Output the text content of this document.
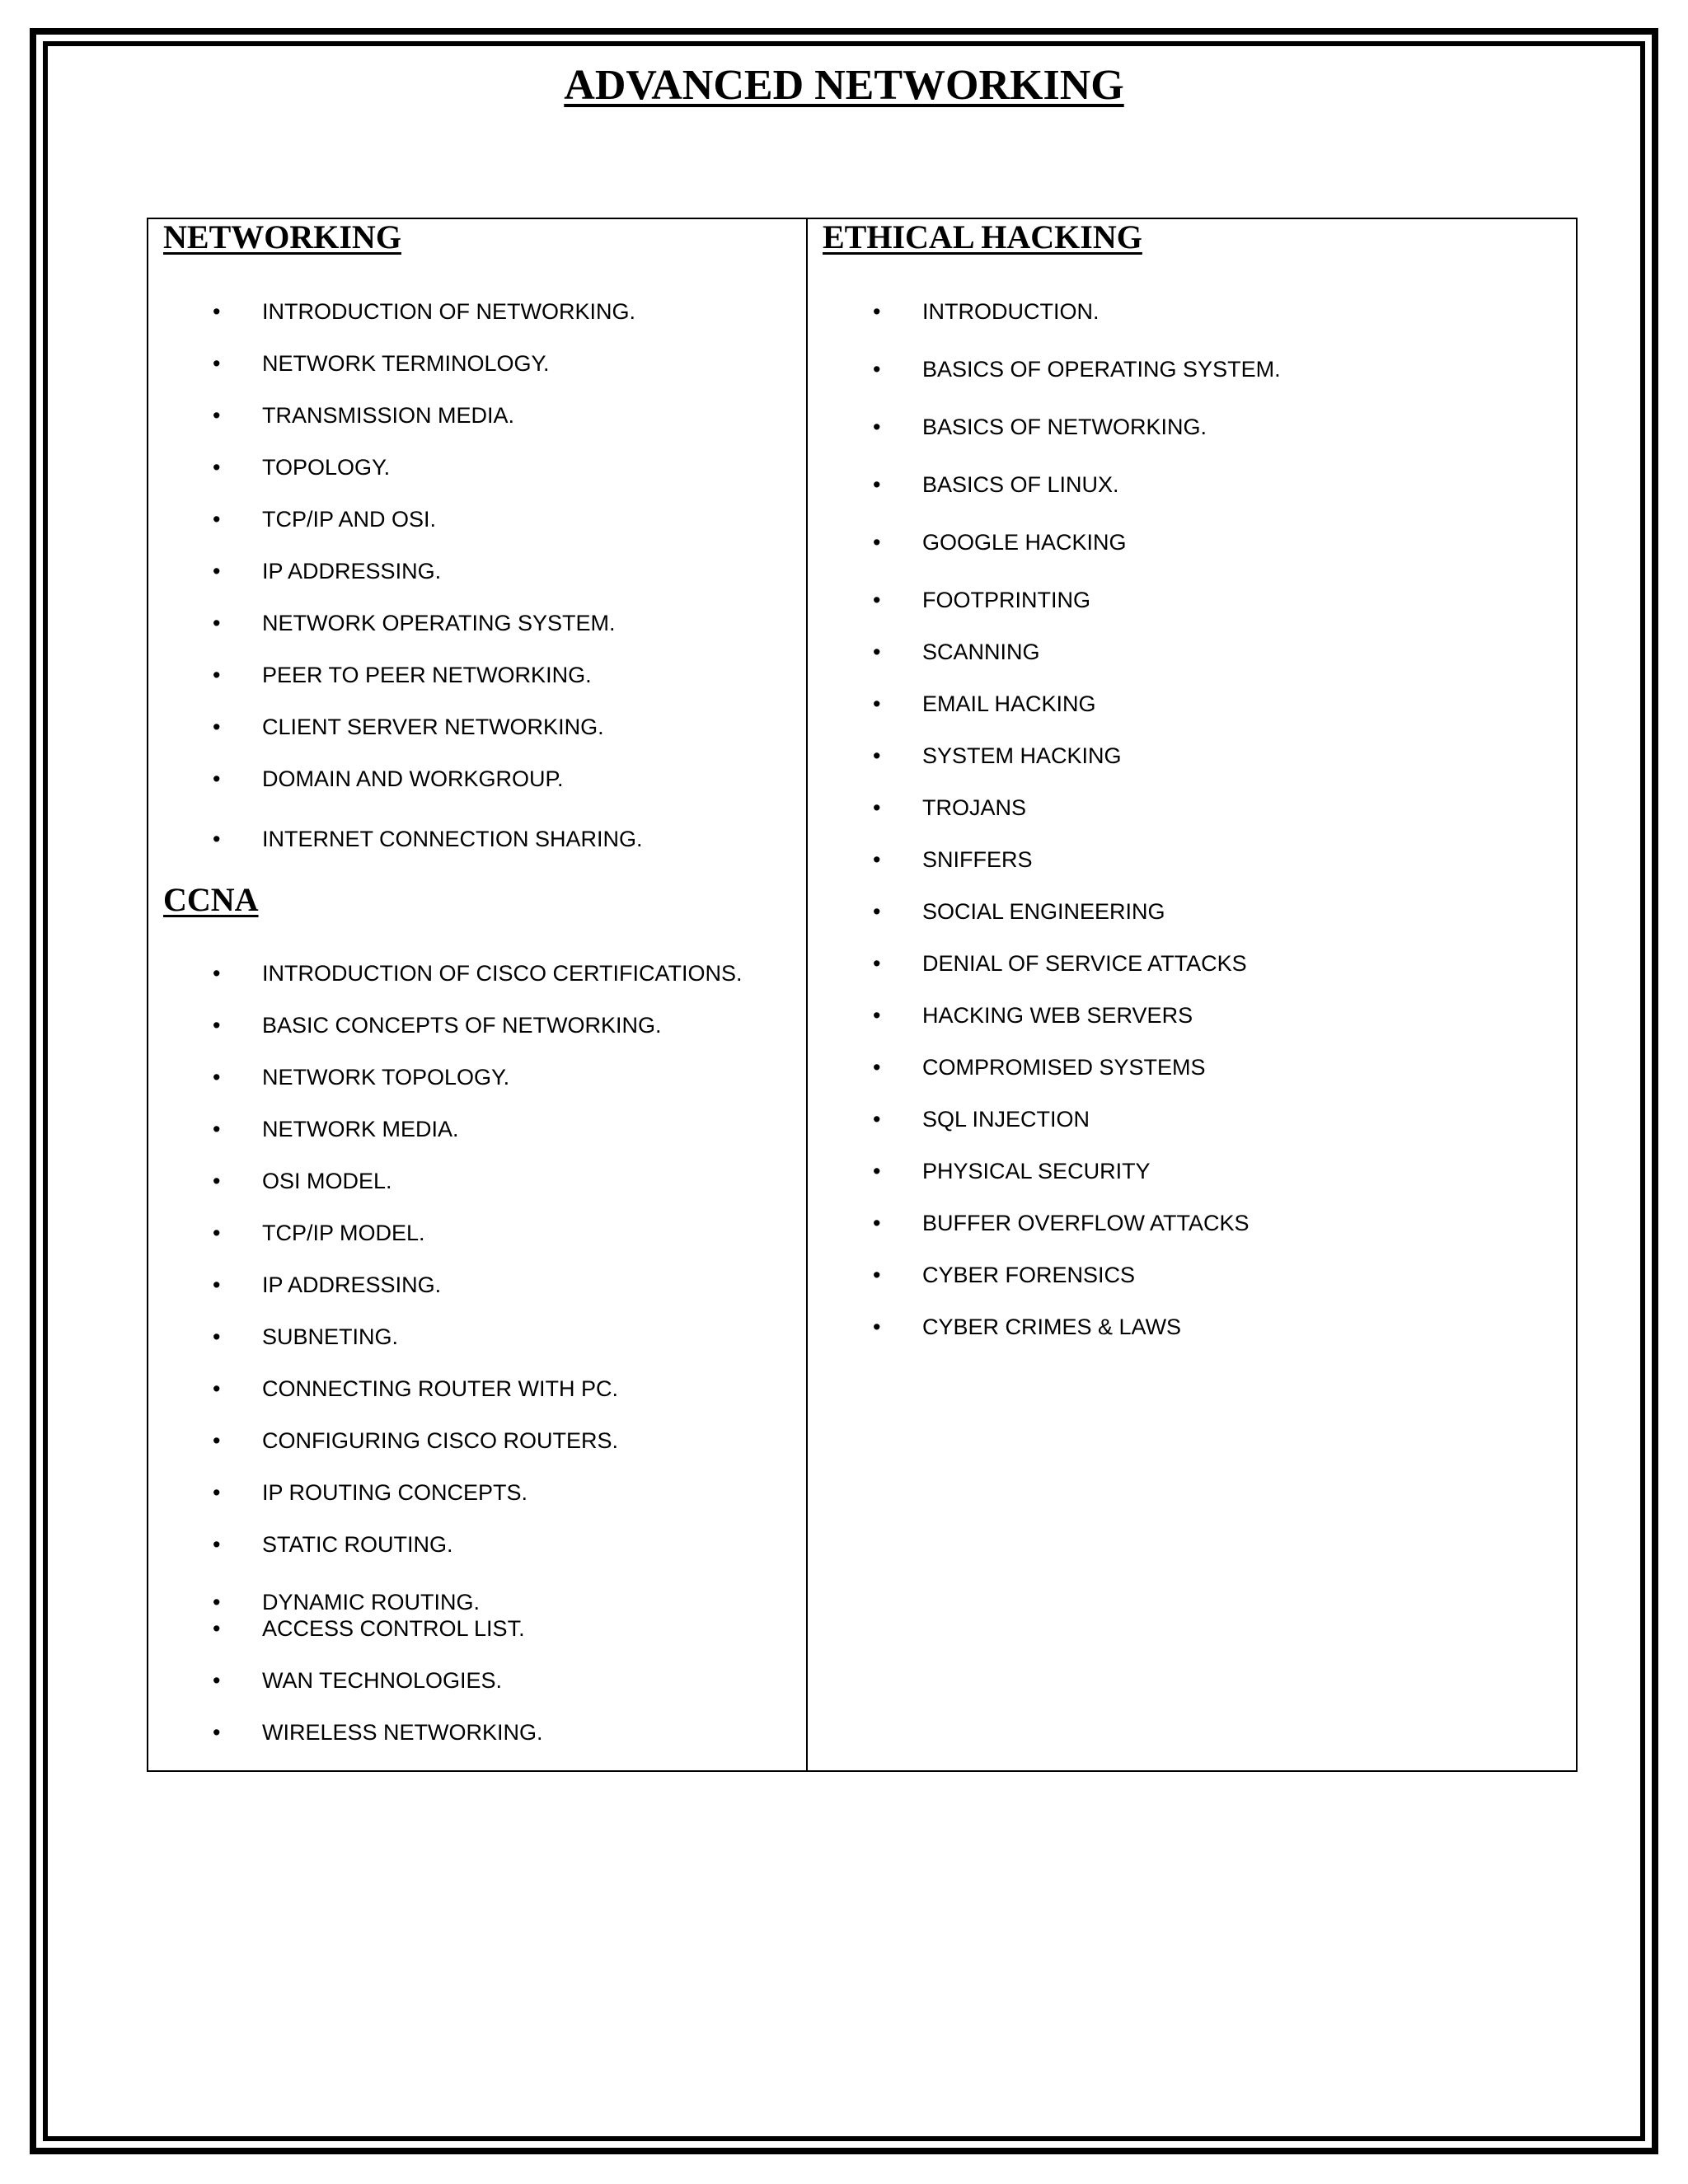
ADVANCED NETWORKING
NETWORKING
• INTRODUCTION OF NETWORKING.
• NETWORK TERMINOLOGY.
• TRANSMISSION MEDIA.
• TOPOLOGY.
• TCP/IP AND OSI.
• IP ADDRESSING.
• NETWORK OPERATING SYSTEM.
• PEER TO PEER NETWORKING.
• CLIENT SERVER NETWORKING.
• DOMAIN AND WORKGROUP.
• INTERNET CONNECTION SHARING.
CCNA
• INTRODUCTION OF CISCO CERTIFICATIONS.
• BASIC CONCEPTS OF NETWORKING.
• NETWORK TOPOLOGY.
• NETWORK MEDIA.
• OSI MODEL.
• TCP/IP MODEL.
• IP ADDRESSING.
• SUBNETING.
• CONNECTING ROUTER WITH PC.
• CONFIGURING CISCO ROUTERS.
• IP ROUTING CONCEPTS.
• STATIC ROUTING.
• DYNAMIC ROUTING.
• ACCESS CONTROL LIST.
• WAN TECHNOLOGIES.
• WIRELESS NETWORKING.
ETHICAL HACKING
• INTRODUCTION.
• BASICS OF OPERATING SYSTEM.
• BASICS OF NETWORKING.
• BASICS OF LINUX.
• GOOGLE HACKING
• FOOTPRINTING
• SCANNING
• EMAIL HACKING
• SYSTEM HACKING
• TROJANS
• SNIFFERS
• SOCIAL ENGINEERING
• DENIAL OF SERVICE ATTACKS
• HACKING WEB SERVERS
• COMPROMISED SYSTEMS
• SQL INJECTION
• PHYSICAL SECURITY
• BUFFER OVERFLOW ATTACKS
• CYBER FORENSICS
• CYBER CRIMES & LAWS
